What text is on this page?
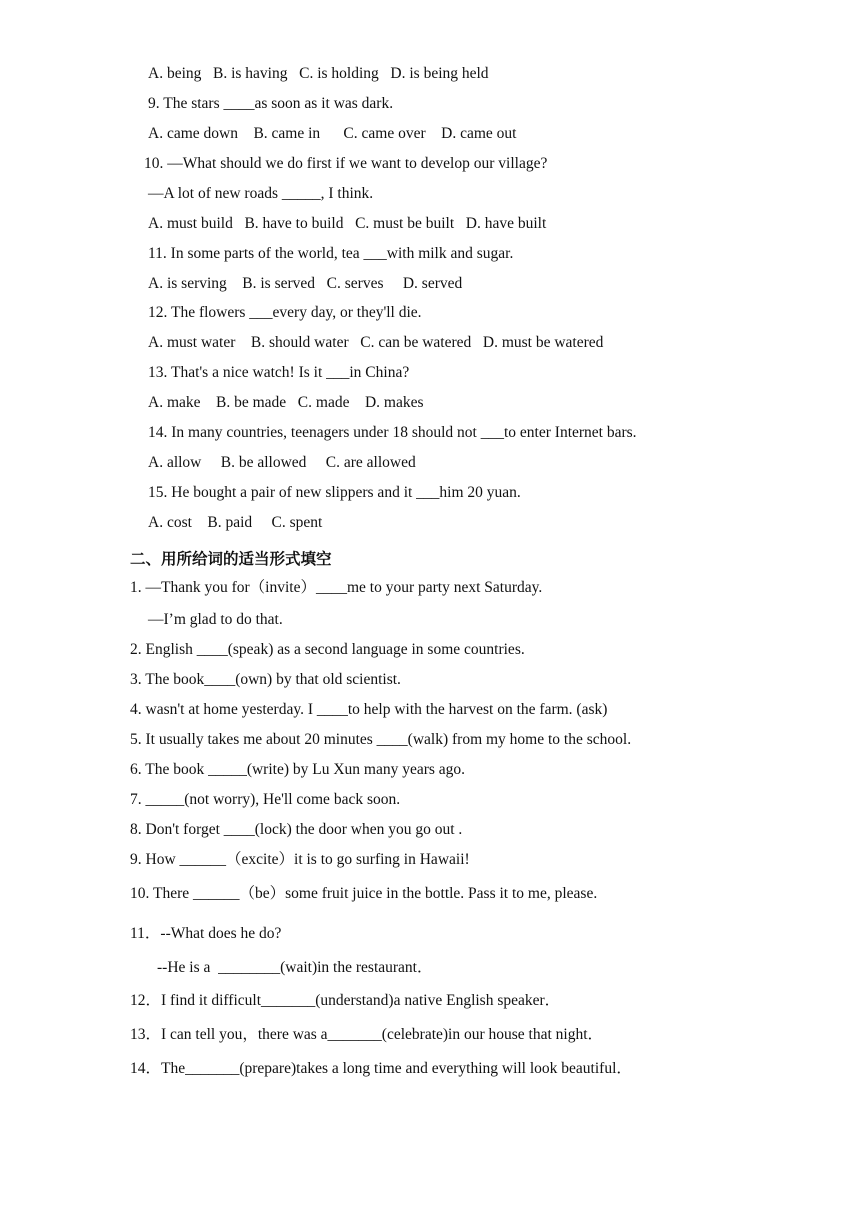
A. being   B. is having   C. is holding   D. is being held
9. The stars ____as soon as it was dark.
A. came down    B. came in      C. came over    D. came out
10. —What should we do first if we want to develop our village?
—A lot of new roads _____, I think.
A. must build   B. have to build   C. must be built   D. have built
11. In some parts of the world, tea ___with milk and sugar.
A. is serving    B. is served   C. serves     D. served
12. The flowers ___every day, or they'll die.
A. must water    B. should water   C. can be watered   D. must be watered
13. That's a nice watch! Is it ___in China?
A. make    B. be made   C. made    D. makes
14. In many countries, teenagers under 18 should not ___to enter Internet bars.
A. allow     B. be allowed     C. are allowed
15. He bought a pair of new slippers and it ___him 20 yuan.
A. cost    B. paid     C. spent
二、用所给词的适当形式填空
1. —Thank you for（invite）____me to your party next Saturday.
—I’m glad to do that.
2. English ____(speak) as a second language in some countries.
3. The book____(own) by that old scientist.
4. wasn't at home yesterday. I ____to help with the harvest on the farm. (ask)
5. It usually takes me about 20 minutes ____(walk) from my home to the school.
6. The book _____(write) by Lu Xun many years ago.
7. _____(not worry), He'll come back soon.
8. Don't forget ____(lock) the door when you go out .
9. How ______（excite）it is to go surfing in Hawaii!
10. There ______（be）some fruit juice in the bottle. Pass it to me, please.
11．--What does he do?
--He is a  ________(wait)in the restaurant．
12．I find it difficult_______(understand)a native English speaker．
13．I can tell you，there was a_______(celebrate)in our house that night．
14．The_______(prepare)takes a long time and everything will look beautiful．
